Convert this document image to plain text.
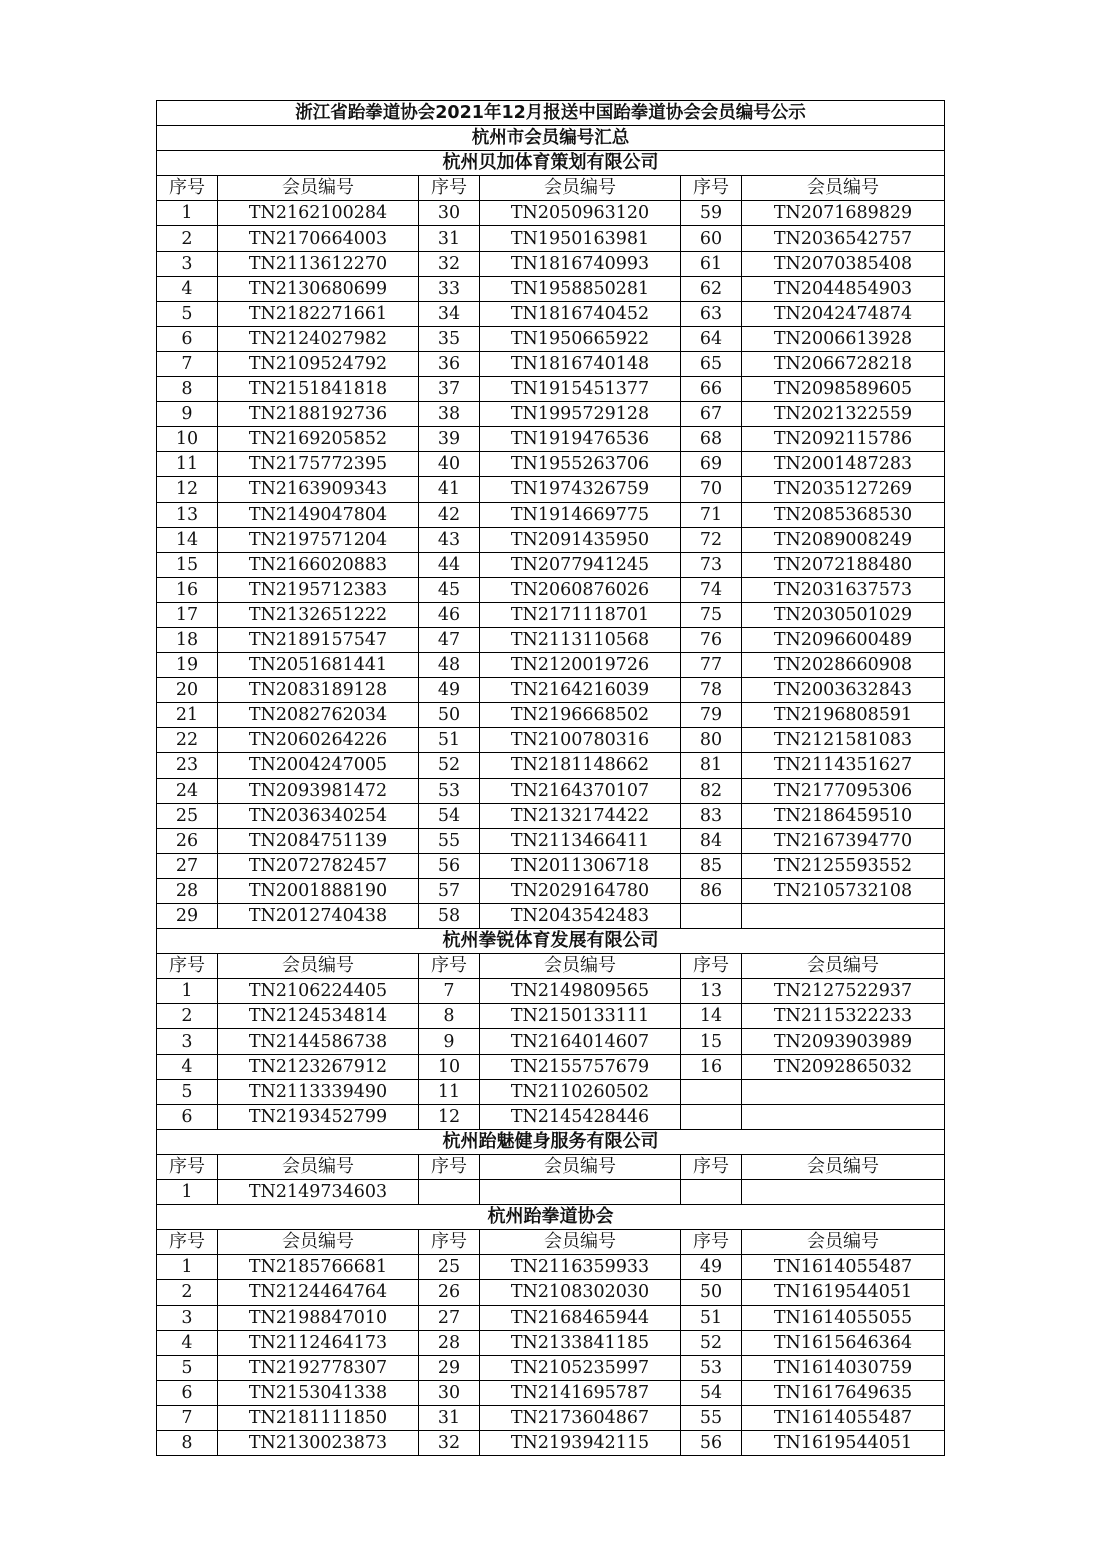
浙江省跆拳道协会2021年12月报送中国跆拳道协会会员编号公示					
杭州市会员编号汇总					
杭州贝加体育策划有限公司					
序号	会员编号	序号	会员编号	序号	会员编号
1	TN2162100284	30	TN2050963120	59	TN2071689829
2	TN2170664003	31	TN1950163981	60	TN2036542757
3	TN2113612270	32	TN1816740993	61	TN2070385408
4	TN2130680699	33	TN1958850281	62	TN2044854903
5	TN2182271661	34	TN1816740452	63	TN2042474874
6	TN2124027982	35	TN1950665922	64	TN2006613928
7	TN2109524792	36	TN1816740148	65	TN2066728218
8	TN2151841818	37	TN1915451377	66	TN2098589605
9	TN2188192736	38	TN1995729128	67	TN2021322559
10	TN2169205852	39	TN1919476536	68	TN2092115786
11	TN2175772395	40	TN1955263706	69	TN2001487283
12	TN2163909343	41	TN1974326759	70	TN2035127269
13	TN2149047804	42	TN1914669775	71	TN2085368530
14	TN2197571204	43	TN2091435950	72	TN2089008249
15	TN2166020883	44	TN2077941245	73	TN2072188480
16	TN2195712383	45	TN2060876026	74	TN2031637573
17	TN2132651222	46	TN2171118701	75	TN2030501029
18	TN2189157547	47	TN2113110568	76	TN2096600489
19	TN2051681441	48	TN2120019726	77	TN2028660908
20	TN2083189128	49	TN2164216039	78	TN2003632843
21	TN2082762034	50	TN2196668502	79	TN2196808591
22	TN2060264226	51	TN2100780316	80	TN2121581083
23	TN2004247005	52	TN2181148662	81	TN2114351627
24	TN2093981472	53	TN2164370107	82	TN2177095306
25	TN2036340254	54	TN2132174422	83	TN2186459510
26	TN2084751139	55	TN2113466411	84	TN2167394770
27	TN2072782457	56	TN2011306718	85	TN2125593552
28	TN2001888190	57	TN2029164780	86	TN2105732108
29	TN2012740438	58	TN2043542483		
杭州拳锐体育发展有限公司					
序号	会员编号	序号	会员编号	序号	会员编号
1	TN2106224405	7	TN2149809565	13	TN2127522937
2	TN2124534814	8	TN2150133111	14	TN2115322233
3	TN2144586738	9	TN2164014607	15	TN2093903989
4	TN2123267912	10	TN2155757679	16	TN2092865032
5	TN2113339490	11	TN2110260502		
6	TN2193452799	12	TN2145428446		
杭州跆魅健身服务有限公司					
序号	会员编号	序号	会员编号	序号	会员编号
1	TN2149734603				
杭州跆拳道协会					
序号	会员编号	序号	会员编号	序号	会员编号
1	TN2185766681	25	TN2116359933	49	TN1614055487
2	TN2124464764	26	TN2108302030	50	TN1619544051
3	TN2198847010	27	TN2168465944	51	TN1614055055
4	TN2112464173	28	TN2133841185	52	TN1615646364
5	TN2192778307	29	TN2105235997	53	TN1614030759
6	TN2153041338	30	TN2141695787	54	TN1617649635
7	TN2181111850	31	TN2173604867	55	TN1614055487
8	TN2130023873	32	TN2193942115	56	TN1619544051
